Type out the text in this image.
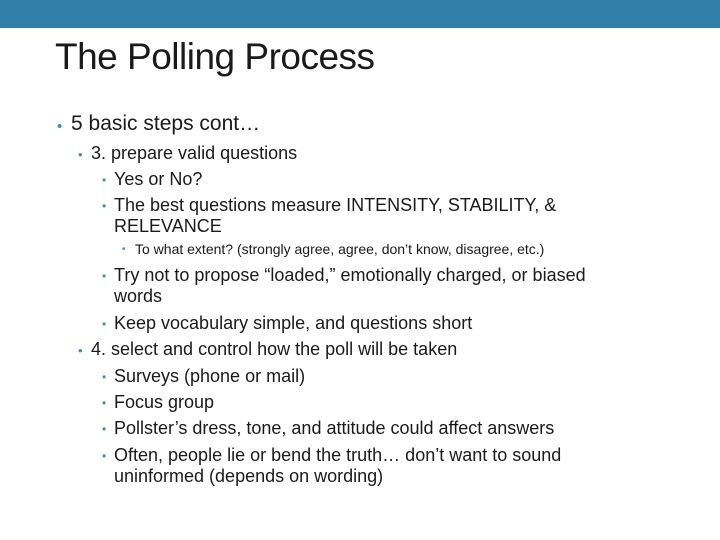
The Polling Process
• 5 basic steps cont…
• 3. prepare valid questions
• Yes or No?
• The best questions measure INTENSITY, STABILITY, &
RELEVANCE
• To what extent? (strongly agree, agree, don’t know, disagree, etc.)
• Try not to propose “loaded,” emotionally charged, or biased
words
• Keep vocabulary simple, and questions short
• 4. select and control how the poll will be taken
• Surveys (phone or mail)
• Focus group
• Pollster’s dress, tone, and attitude could affect answers
• Often, people lie or bend the truth… don’t want to sound
uninformed (depends on wording)
